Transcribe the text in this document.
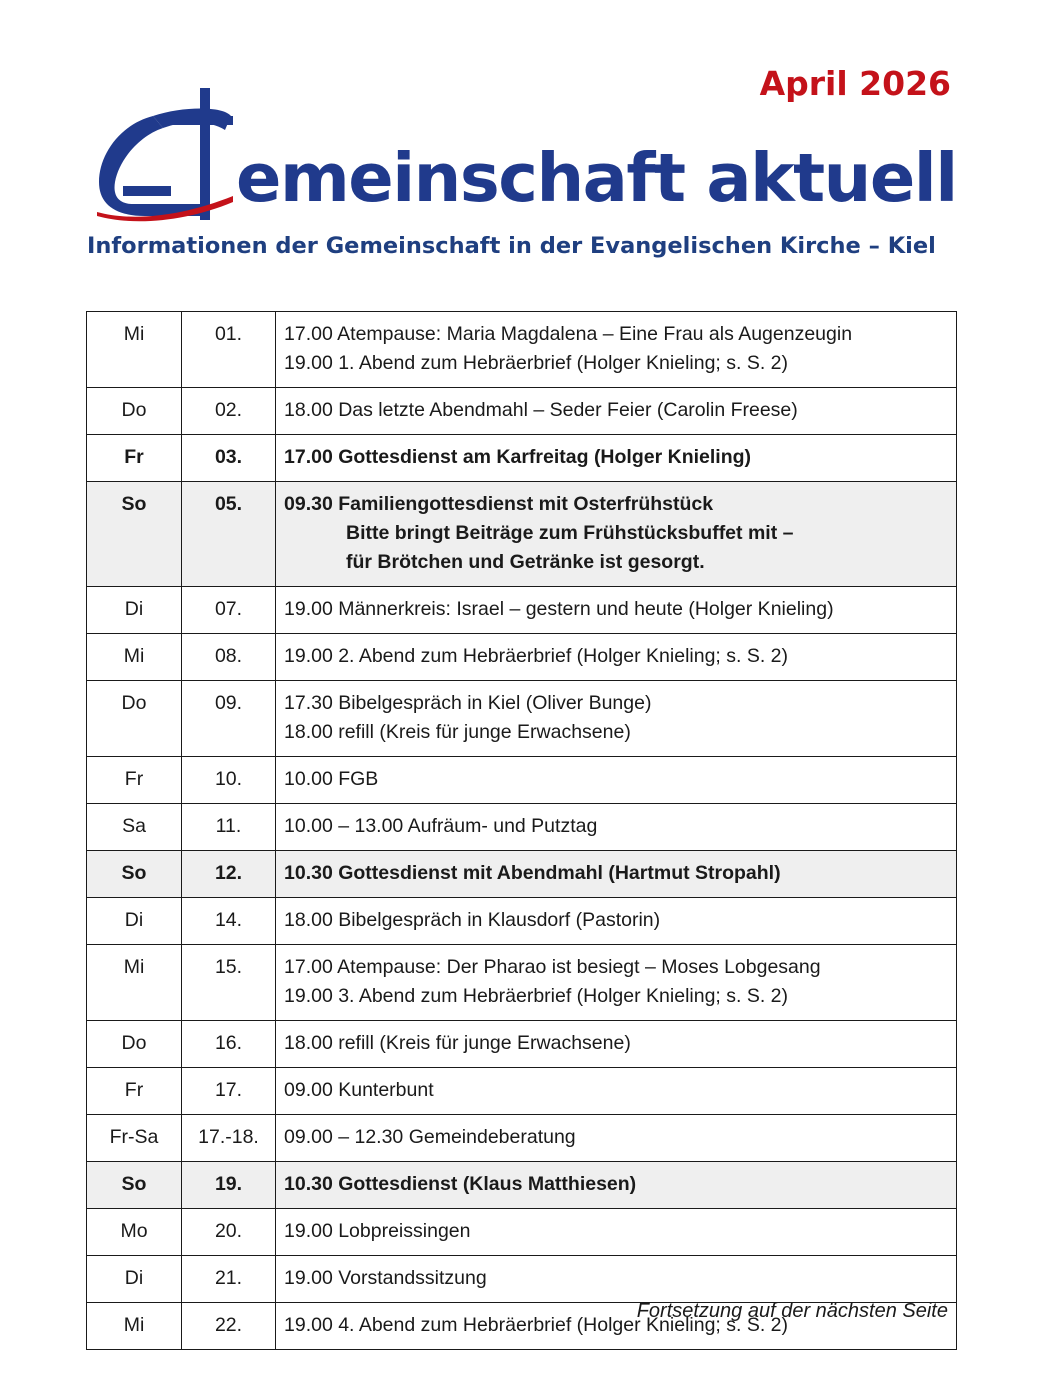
April 2026
emeinschaft aktuell
Informationen der Gemeinschaft in der Evangelischen Kirche – Kiel
Mi	01.	17.00 Atempause: Maria Magdalena – Eine Frau als Augenzeugin
19.00 1. Abend zum Hebräerbrief (Holger Knieling; s. S. 2)

Do	02.	18.00 Das letzte Abendmahl – Seder Feier (Carolin Freese)

Fr	03.	17.00 Gottesdienst am Karfreitag (Holger Knieling)

So	05.	09.30 Familiengottesdienst mit Osterfrühstück
Bitte bringt Beiträge zum Frühstücksbuffet mit –
für Brötchen und Getränke ist gesorgt.

Di	07.	19.00 Männerkreis: Israel – gestern und heute (Holger Knieling)

Mi	08.	19.00 2. Abend zum Hebräerbrief (Holger Knieling; s. S. 2)

Do	09.	17.30 Bibelgespräch in Kiel (Oliver Bunge)
18.00 refill (Kreis für junge Erwachsene)

Fr	10.	10.00 FGB

Sa	11.	10.00 – 13.00 Aufräum- und Putztag

So	12.	10.30 Gottesdienst mit Abendmahl (Hartmut Stropahl)

Di	14.	18.00 Bibelgespräch in Klausdorf (Pastorin)

Mi	15.	17.00 Atempause: Der Pharao ist besiegt – Moses Lobgesang
19.00 3. Abend zum Hebräerbrief (Holger Knieling; s. S. 2)

Do	16.	18.00 refill (Kreis für junge Erwachsene)

Fr	17.	09.00 Kunterbunt

Fr-Sa	17.-18.	09.00 – 12.30 Gemeindeberatung

So	19.	10.30 Gottesdienst (Klaus Matthiesen)

Mo	20.	19.00 Lobpreissingen

Di	21.	19.00 Vorstandssitzung

Mi	22.	19.00 4. Abend zum Hebräerbrief (Holger Knieling; s. S. 2)
Fortsetzung auf der nächsten Seite
